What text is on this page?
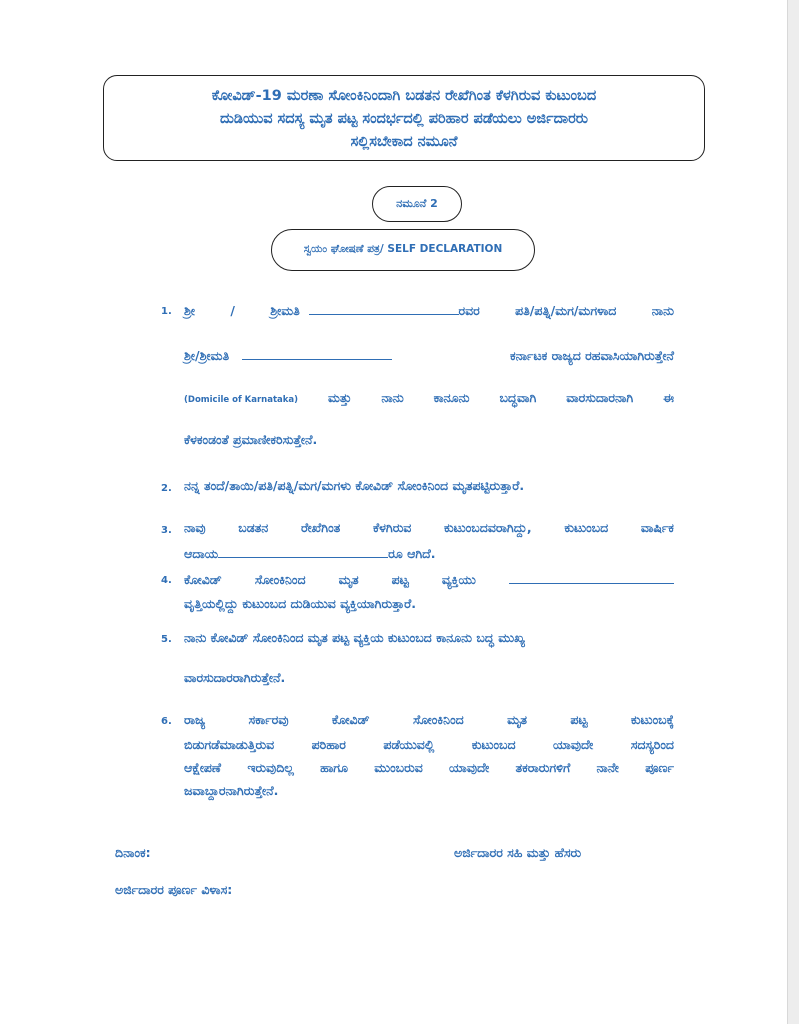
ಕೋವಿಡ್-19 ಮರಣಾ ಸೋಂಕಿನಿಂದಾಗಿ ಬಡತನ ರೇಖೆಗಿಂತ ಕೆಳಗಿರುವ ಕುಟುಂಬದ
ದುಡಿಯುವ ಸದಸ್ಯ ಮೃತ ಪಟ್ಟ ಸಂದರ್ಭದಲ್ಲಿ ಪರಿಹಾರ ಪಡೆಯಲು ಅರ್ಜಿದಾರರು
ಸಲ್ಲಿಸಬೇಕಾದ ನಮೂನೆ
ನಮೂನೆ 2
ಸ್ವಯಂ ಘೋಷಣೆ ಪತ್ರ/ SELF DECLARATION
1. ಶ್ರೀ	/	ಶ್ರೀಮತಿ	ರವರ	ಪತಿ/ಪತ್ನಿ/ಮಗ/ಮಗಳಾದ	ನಾನು
ಶ್ರೀ/ಶ್ರೀಮತಿ	ಕರ್ನಾಟಕ ರಾಜ್ಯದ ರಹವಾಸಿಯಾಗಿರುತ್ತೇನೆ
(Domicile of Karnataka) ಮತ್ತು ನಾನು ಕಾನೂನು ಬದ್ಧವಾಗಿ ವಾರಸುದಾರನಾಗಿ ಈ
ಕೆಳಕಂಡಂತೆ ಪ್ರಮಾಣೀಕರಿಸುತ್ತೇನೆ.
2. ನನ್ನ ತಂದೆ/ತಾಯಿ/ಪತಿ/ಪತ್ನಿ/ಮಗ/ಮಗಳು ಕೋವಿಡ್ ಸೋಂಕಿನಿಂದ ಮೃತಪಟ್ಟಿರುತ್ತಾರೆ.
3. ನಾವು	ಬಡತನ	ರೇಖೆಗಿಂತ	ಕೆಳಗಿರುವ	ಕುಟುಂಬದವರಾಗಿದ್ದು,	ಕುಟುಂಬದ	ವಾರ್ಷಿಕ
ಆದಾಯ	ರೂ ಆಗಿದೆ.
4. ಕೋವಿಡ್	ಸೋಂಕಿನಿಂದ	ಮೃತ	ಪಟ್ಟ	ವ್ಯಕ್ತಿಯು
ವೃತ್ತಿಯಲ್ಲಿದ್ದು ಕುಟುಂಬದ ದುಡಿಯುವ ವ್ಯಕ್ತಿಯಾಗಿರುತ್ತಾರೆ.
5. ನಾನು ಕೋವಿಡ್ ಸೋಂಕಿನಿಂದ ಮೃತ ಪಟ್ಟ ವ್ಯಕ್ತಿಯ ಕುಟುಂಬದ ಕಾನೂನು ಬದ್ಧ ಮುಖ್ಯ
ವಾರಸುದಾರರಾಗಿರುತ್ತೇನೆ.
6. ರಾಜ್ಯ	ಸರ್ಕಾರವು	ಕೋವಿಡ್	ಸೋಂಕಿನಿಂದ	ಮೃತ	ಪಟ್ಟ	ಕುಟುಂಬಕ್ಕೆ
ಬಿಡುಗಡೆಮಾಡುತ್ತಿರುವ	ಪರಿಹಾರ	ಪಡೆಯುವಲ್ಲಿ	ಕುಟುಂಬದ	ಯಾವುದೇ	ಸದಸ್ಯರಿಂದ
ಆಕ್ಷೇಪಣೆ ಇರುವುದಿಲ್ಲ ಹಾಗೂ ಮುಂಬರುವ ಯಾವುದೇ ತಕರಾರುಗಳಿಗೆ ನಾನೇ ಪೂರ್ಣ
ಜವಾಬ್ದಾರನಾಗಿರುತ್ತೇನೆ.
ದಿನಾಂಕ:	ಅರ್ಜಿದಾರರ ಸಹಿ ಮತ್ತು ಹೆಸರು
ಅರ್ಜಿದಾರರ ಪೂರ್ಣ ವಿಳಾಸ:
